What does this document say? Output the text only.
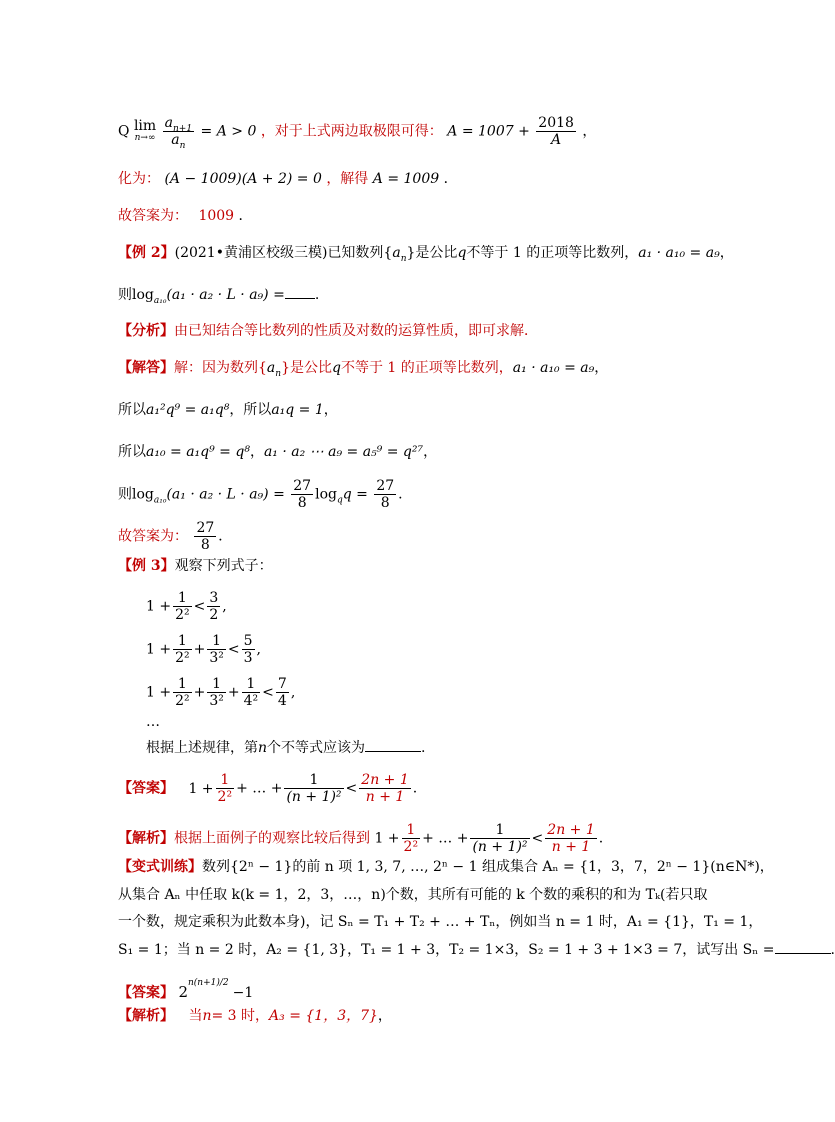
Q lim
n→∞
$\frac{a_{n+1}}{a_n} = A > 0$ ，对于上式两边取极限可得： $A = 1007 + \frac{2018}{A}$ ，
化为： (A − 1009)(A + 2) = 0 ，解得 A = 1009 ．
故答案为： 1009 ．
【例 2】(2021•黄浦区校级三模)已知数列$\{a_n\}$是公比q不等于 1 的正项等比数列，a₁ · a₁₀ = a₉，
则$\log_{a_{10}}(a_1 \cdot a_2 \cdot L \cdot a_9)$ = .
【分析】由已知结合等比数列的性质及对数的运算性质，即可求解．
【解答】解：因为数列$\{a_n\}$是公比q不等于 1 的正项等比数列，a₁ · a₁₀ = a₉，
所以a₁²q⁹ = a₁q⁸，所以a₁q = 1，
所以a₁₀ = a₁q⁹ = q⁸，a₁ · a₂ ⋯ a₉ = a₅⁹ = q²⁷，
则$\log_{a_{10}}(a_1 \cdot a_2 \cdot L \cdot a_9) = \frac{27}{8} \log_qq = \frac{27}{8}$ .
故答案为： $\frac{27}{8}$ ．
【例 3】观察下列式子：
$1 + \frac{1}{\text{2²}} < \frac{3}{2}$ ,
$1 + \frac{1}{\text{2²}} + \frac{1}{\text{3²}} < \frac{5}{3}$ ,
$1 + \frac{1}{\text{2²}} + \frac{1}{\text{3²}} + \frac{1}{\text{4²}} < \frac{7}{4}$ ,
…
根据上述规律，第n个不等式应该为	.
【答案】 $1 + \frac{1}{\text{2²}}$ + … + $\frac{1}{\text{(n + 1)²}} < \frac{2n + 1}{n + 1}$ .
【解析】根据上面例子的观察比较后得到 $1 + \frac{1}{\text{2²}}$ + … + $\frac{1}{\text{(n + 1)²}} < \frac{2n + 1}{n + 1}$ .
【变式训练】数列{2ⁿ − 1}的前 n 项 1, 3, 7, …, 2ⁿ − 1 组成集合 Aₙ = {1，3，7，2ⁿ − 1}(n∈N*)，
从集合 Aₙ 中任取 k(k = 1，2，3，…，n)个数，其所有可能的 k 个数的乘积的和为 Tₖ(若只取
一个数，规定乘积为此数本身)，记 Sₙ = T₁ + T₂ + … + Tₙ，例如当 n = 1 时，A₁ = {1}，T₁ = 1，
S₁ = 1；当 n = 2 时，A₂ = {1, 3}，T₁ = 1 + 3，T₂ = 1×3，S₂ = 1 + 3 + 1×3 = 7，试写出 Sₙ =	.
【答案】 $2^{n(n+1)/2}-1$
【解析】 当n= 3 时，A₃ = {1，3，7}，
